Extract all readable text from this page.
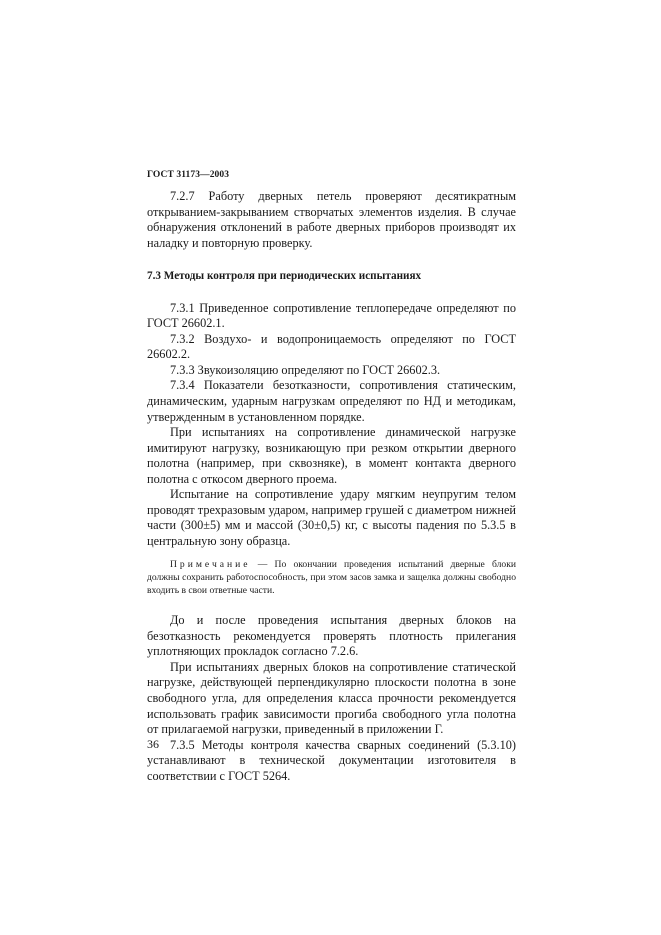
ГОСТ 31173—2003

7.2.7 Работу дверных петель проверяют десятикратным открыванием-закрыванием створчатых элементов изделия. В случае обнаружения отклонений в работе дверных приборов производят их наладку и повторную проверку.

7.3 Методы контроля при периодических испытаниях

7.3.1 Приведенное сопротивление теплопередаче определяют по ГОСТ 26602.1.

7.3.2 Воздухо- и водопроницаемость определяют по ГОСТ 26602.2.

7.3.3 Звукоизоляцию определяют по ГОСТ 26602.3.

7.3.4 Показатели безотказности, сопротивления статическим, динамическим, ударным нагрузкам определяют по НД и методикам, утвержденным в установленном порядке.

При испытаниях на сопротивление динамической нагрузке имитируют нагрузку, возникающую при резком открытии дверного полотна (например, при сквозняке), в момент контакта дверного полотна с откосом дверного проема.

Испытание на сопротивление удару мягким неупругим телом проводят трехразовым ударом, например грушей с диаметром нижней части (300±5) мм и массой (30±0,5) кг, с высоты падения по 5.3.5 в центральную зону образца.

Примечание — По окончании проведения испытаний дверные блоки должны сохранить работоспособность, при этом засов замка и защелка должны свободно входить в свои ответные части.

До и после проведения испытания дверных блоков на безотказность рекомендуется проверять плотность прилегания уплотняющих прокладок согласно 7.2.6.

При испытаниях дверных блоков на сопротивление статической нагрузке, действующей перпендикулярно плоскости полотна в зоне свободного угла, для определения класса прочности рекомендуется использовать график зависимости прогиба свободного угла полотна от прилагаемой нагрузки, приведенный в приложении Г.

7.3.5 Методы контроля качества сварных соединений (5.3.10) устанавливают в технической документации изготовителя в соответствии с ГОСТ 5264.

36
